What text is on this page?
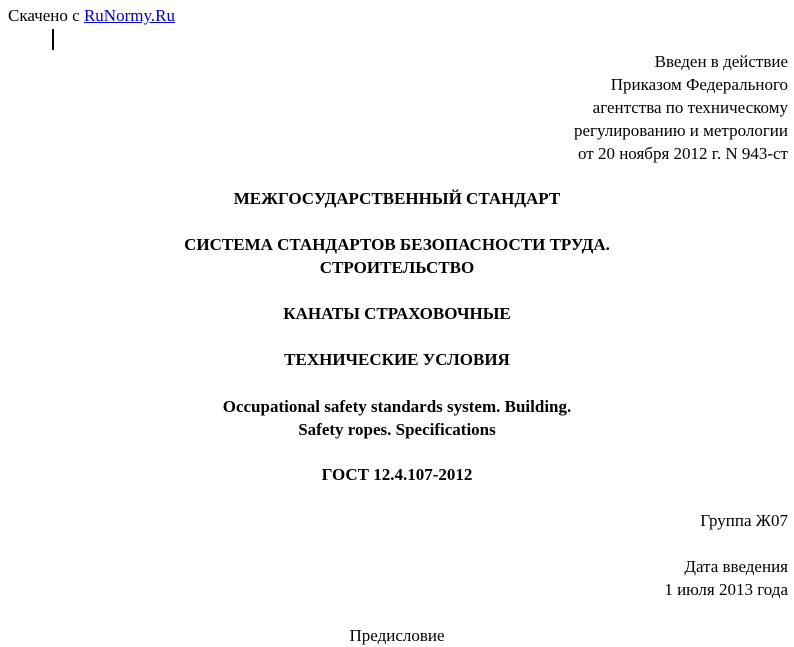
Скачено с RuNormy.Ru
Введен в действие
Приказом Федерального
агентства по техническому
регулированию и метрологии
от 20 ноября 2012 г. N 943-ст
МЕЖГОСУДАРСТВЕННЫЙ СТАНДАРТ
СИСТЕМА СТАНДАРТОВ БЕЗОПАСНОСТИ ТРУДА.
СТРОИТЕЛЬСТВО
КАНАТЫ СТРАХОВОЧНЫЕ
ТЕХНИЧЕСКИЕ УСЛОВИЯ
Occupational safety standards system. Building.
Safety ropes. Specifications
ГОСТ 12.4.107-2012
Группа Ж07
Дата введения
1 июля 2013 года
Предисловие
